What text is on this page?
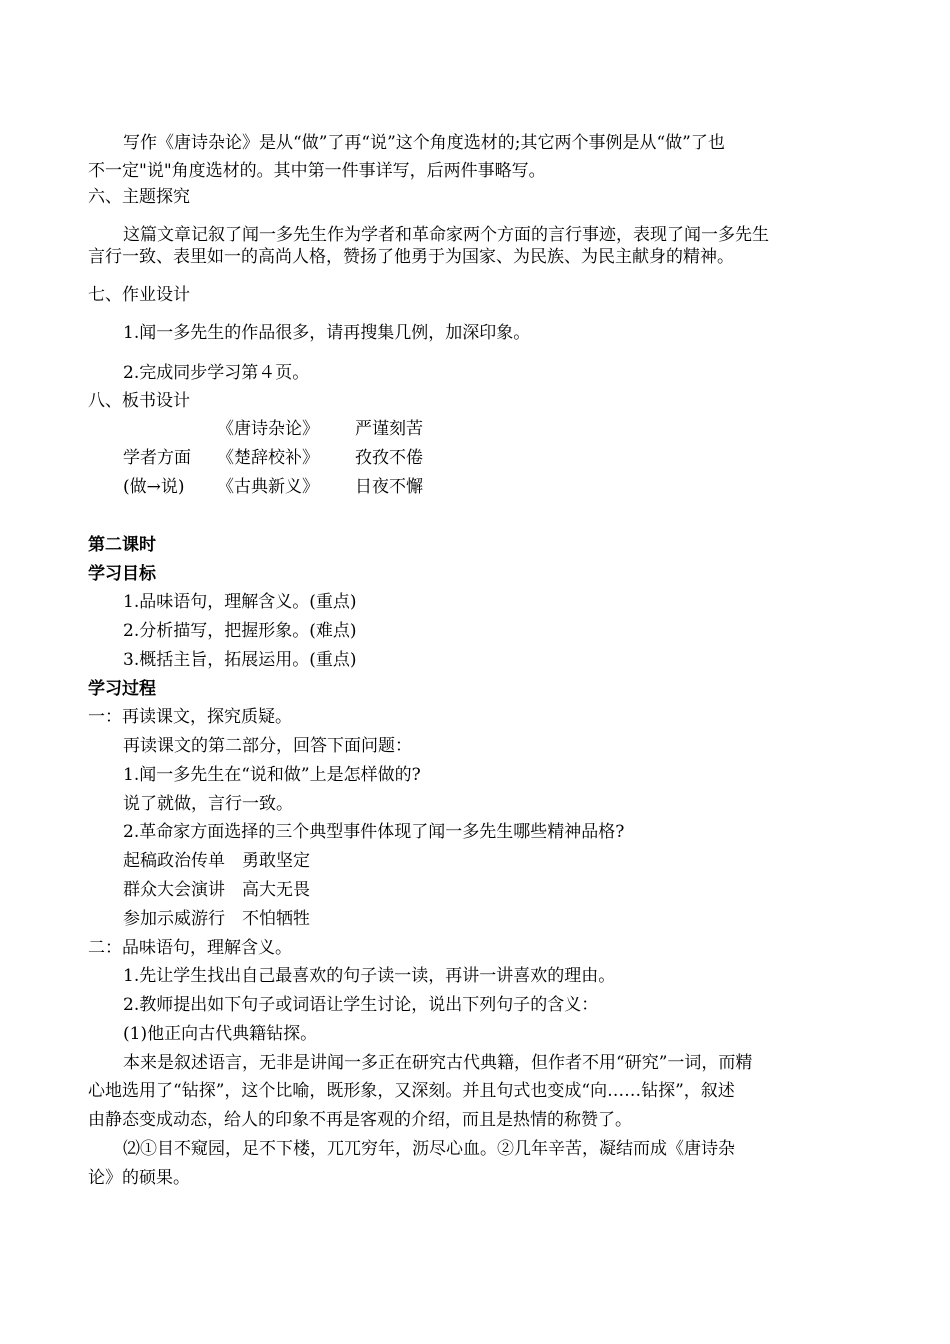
写作《唐诗杂论》是从“做”了再“说”这个角度选材的;其它两个事例是从“做”了也
不一定"说"角度选材的。其中第一件事详写，后两件事略写。
六、主题探究
这篇文章记叙了闻一多先生作为学者和革命家两个方面的言行事迹，表现了闻一多先生
言行一致、表里如一的高尚人格，赞扬了他勇于为国家、为民族、为民主献身的精神。
七、作业设计
1.闻一多先生的作品很多，请再搜集几例，加深印象。
2.完成同步学习第４页。
八、板书设计
《唐诗杂论》 严谨刻苦
学者方面 《楚辞校补》 孜孜不倦
(做→说) 《古典新义》 日夜不懈
第二课时
学习目标
1.品味语句，理解含义。(重点)
2.分析描写，把握形象。(难点)
3.概括主旨，拓展运用。(重点)
学习过程
一：再读课文，探究质疑。
再读课文的第二部分，回答下面问题：
1.闻一多先生在“说和做”上是怎样做的?
说了就做，言行一致。
2.革命家方面选择的三个典型事件体现了闻一多先生哪些精神品格?
起稿政治传单　勇敢坚定
群众大会演讲　高大无畏
参加示威游行　不怕牺牲
二：品味语句，理解含义。
1.先让学生找出自己最喜欢的句子读一读，再讲一讲喜欢的理由。
2.教师提出如下句子或词语让学生讨论，说出下列句子的含义：
(1)他正向古代典籍钻探。
本来是叙述语言，无非是讲闻一多正在研究古代典籍，但作者不用“研究”一词，而精
心地选用了“钻探”，这个比喻，既形象，又深刻。并且句式也变成“向……钻探”，叙述
由静态变成动态，给人的印象不再是客观的介绍，而且是热情的称赞了。
⑵①目不窥园，足不下楼，兀兀穷年，沥尽心血。②几年辛苦，凝结而成《唐诗杂
论》的硕果。
